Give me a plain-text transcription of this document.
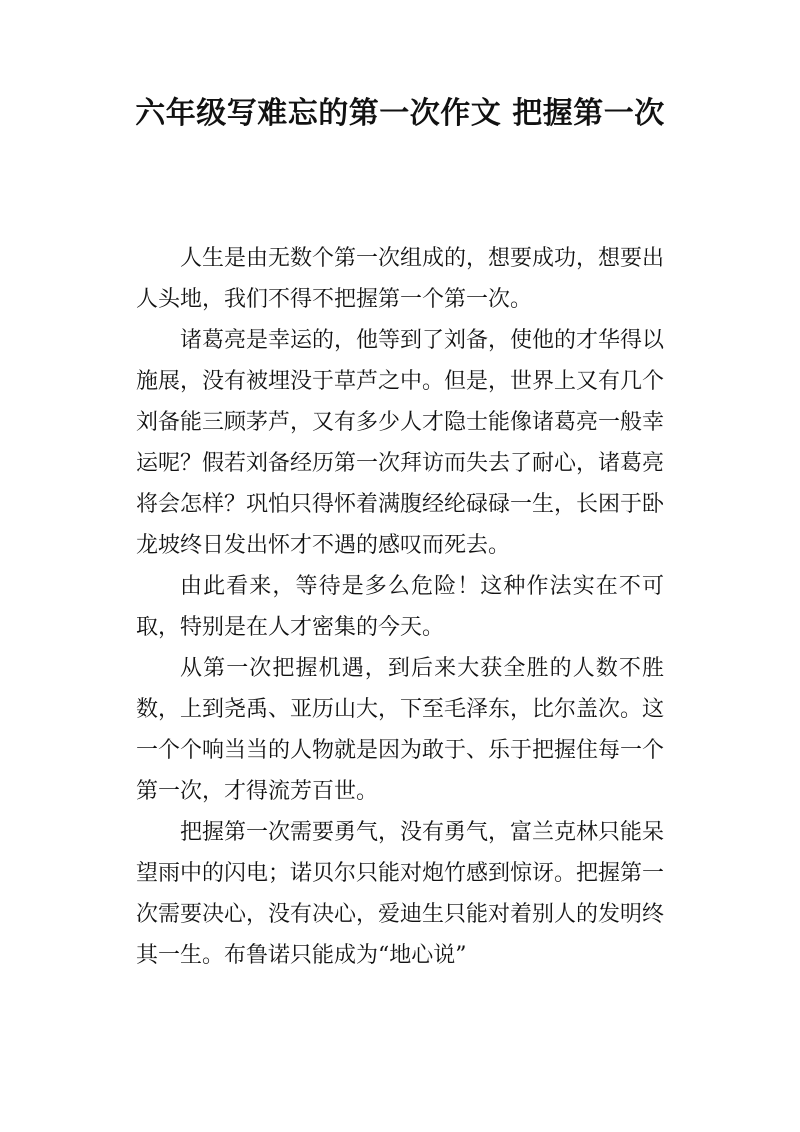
六年级写难忘的第一次作文 把握第一次

人生是由无数个第一次组成的，想要成功，想要出人头地，我们不得不把握第一个第一次。

诸葛亮是幸运的，他等到了刘备，使他的才华得以施展，没有被埋没于草芦之中。但是，世界上又有几个刘备能三顾茅芦，又有多少人才隐士能像诸葛亮一般幸运呢？假若刘备经历第一次拜访而失去了耐心，诸葛亮将会怎样？巩怕只得怀着满腹经纶碌碌一生，长困于卧龙坡终日发出怀才不遇的感叹而死去。

由此看来，等待是多么危险！这种作法实在不可取，特别是在人才密集的今天。

从第一次把握机遇，到后来大获全胜的人数不胜数，上到尧禹、亚历山大，下至毛泽东，比尔盖次。这一个个响当当的人物就是因为敢于、乐于把握住每一个第一次，才得流芳百世。

把握第一次需要勇气，没有勇气，富兰克林只能呆望雨中的闪电；诺贝尔只能对炮竹感到惊讶。把握第一次需要决心，没有决心，爱迪生只能对着别人的发明终其一生。布鲁诺只能成为“地心说”
